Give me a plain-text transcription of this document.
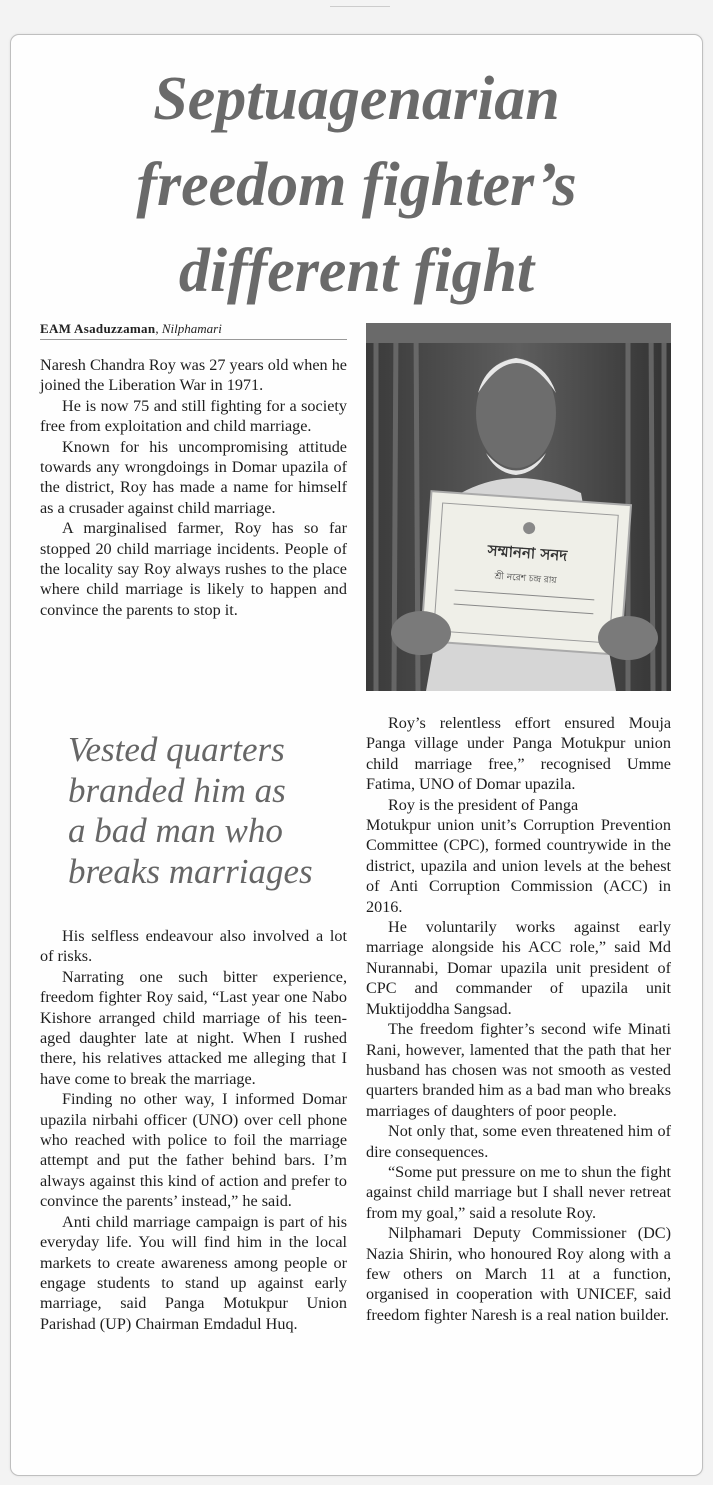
Septuagenarian
freedom fighter’s
different fight
EAM Asaduzzaman, Nilphamari

Naresh Chandra Roy was 27 years old when he joined the Liberation War in 1971.

He is now 75 and still fighting for a society free from exploitation and child marriage.

Known for his uncompromising attitude towards any wrongdoings in Domar upazila of the district, Roy has made a name for himself as a crusader against child marriage.

A marginalised farmer, Roy has so far stopped 20 child marriage incidents. People of the locality say Roy always rushes to the place where child marriage is likely to happen and convince the parents to stop it.

সম্মাননা সনদ
শ্রী নরেশ চন্দ্র রায়
Vested quarters
branded him as
a bad man who
breaks marriages

His selfless endeavour also involved a lot of risks.

Narrating one such bitter experience, freedom fighter Roy said, “Last year one Nabo Kishore arranged child marriage of his teen-aged daughter late at night. When I rushed there, his relatives attacked me alleging that I have come to break the marriage.

Finding no other way, I informed Domar upazila nirbahi officer (UNO) over cell phone who reached with police to foil the marriage attempt and put the father behind bars. I’m always against this kind of action and prefer to convince the parents’ instead,” he said.

Anti child marriage campaign is part of his everyday life. You will find him in the local markets to create awareness among people or engage students to stand up against early marriage, said Panga Motukpur Union Parishad (UP) Chairman Emdadul Huq.

Roy’s relentless effort ensured Mouja Panga village under Panga Motukpur union child marriage free,” recognised Umme Fatima, UNO of Domar upazila.

Roy is the president of Panga

Motukpur union unit’s Corruption Prevention Committee (CPC), formed countrywide in the district, upazila and union levels at the behest of Anti Corruption Commission (ACC) in 2016.

He voluntarily works against early marriage alongside his ACC role,” said Md Nurannabi, Domar upazila unit president of CPC and commander of upazila unit Muktijoddha Sangsad.

The freedom fighter’s second wife Minati Rani, however, lamented that the path that her husband has chosen was not smooth as vested quarters branded him as a bad man who breaks marriages of daughters of poor people.

Not only that, some even threatened him of dire consequences.

“Some put pressure on me to shun the fight against child marriage but I shall never retreat from my goal,” said a resolute Roy.

Nilphamari Deputy Commissioner (DC) Nazia Shirin, who honoured Roy along with a few others on March 11 at a function, organised in cooperation with UNICEF, said freedom fighter Naresh is a real nation builder.
